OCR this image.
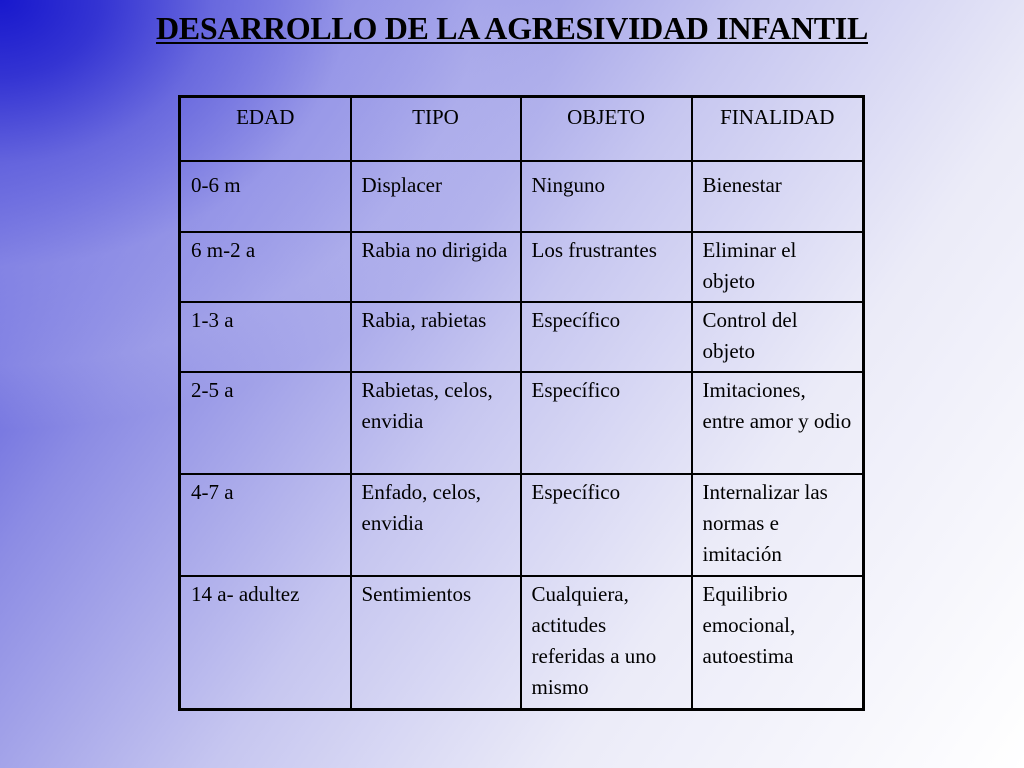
DESARROLLO DE LA AGRESIVIDAD INFANTIL
EDAD	TIPO	OBJETO	FINALIDAD
0-6 m	Displacer	Ninguno	Bienestar
6 m-2 a	Rabia no dirigida	Los frustrantes	Eliminar el objeto
1-3 a	Rabia, rabietas	Específico	Control del objeto
2-5 a	Rabietas, celos, envidia	Específico	Imitaciones, entre amor y odio
4-7 a	Enfado, celos, envidia	Específico	Internalizar las normas e imitación
14 a- adultez	Sentimientos	Cualquiera, actitudes referidas a uno mismo	Equilibrio emocional, autoestima
